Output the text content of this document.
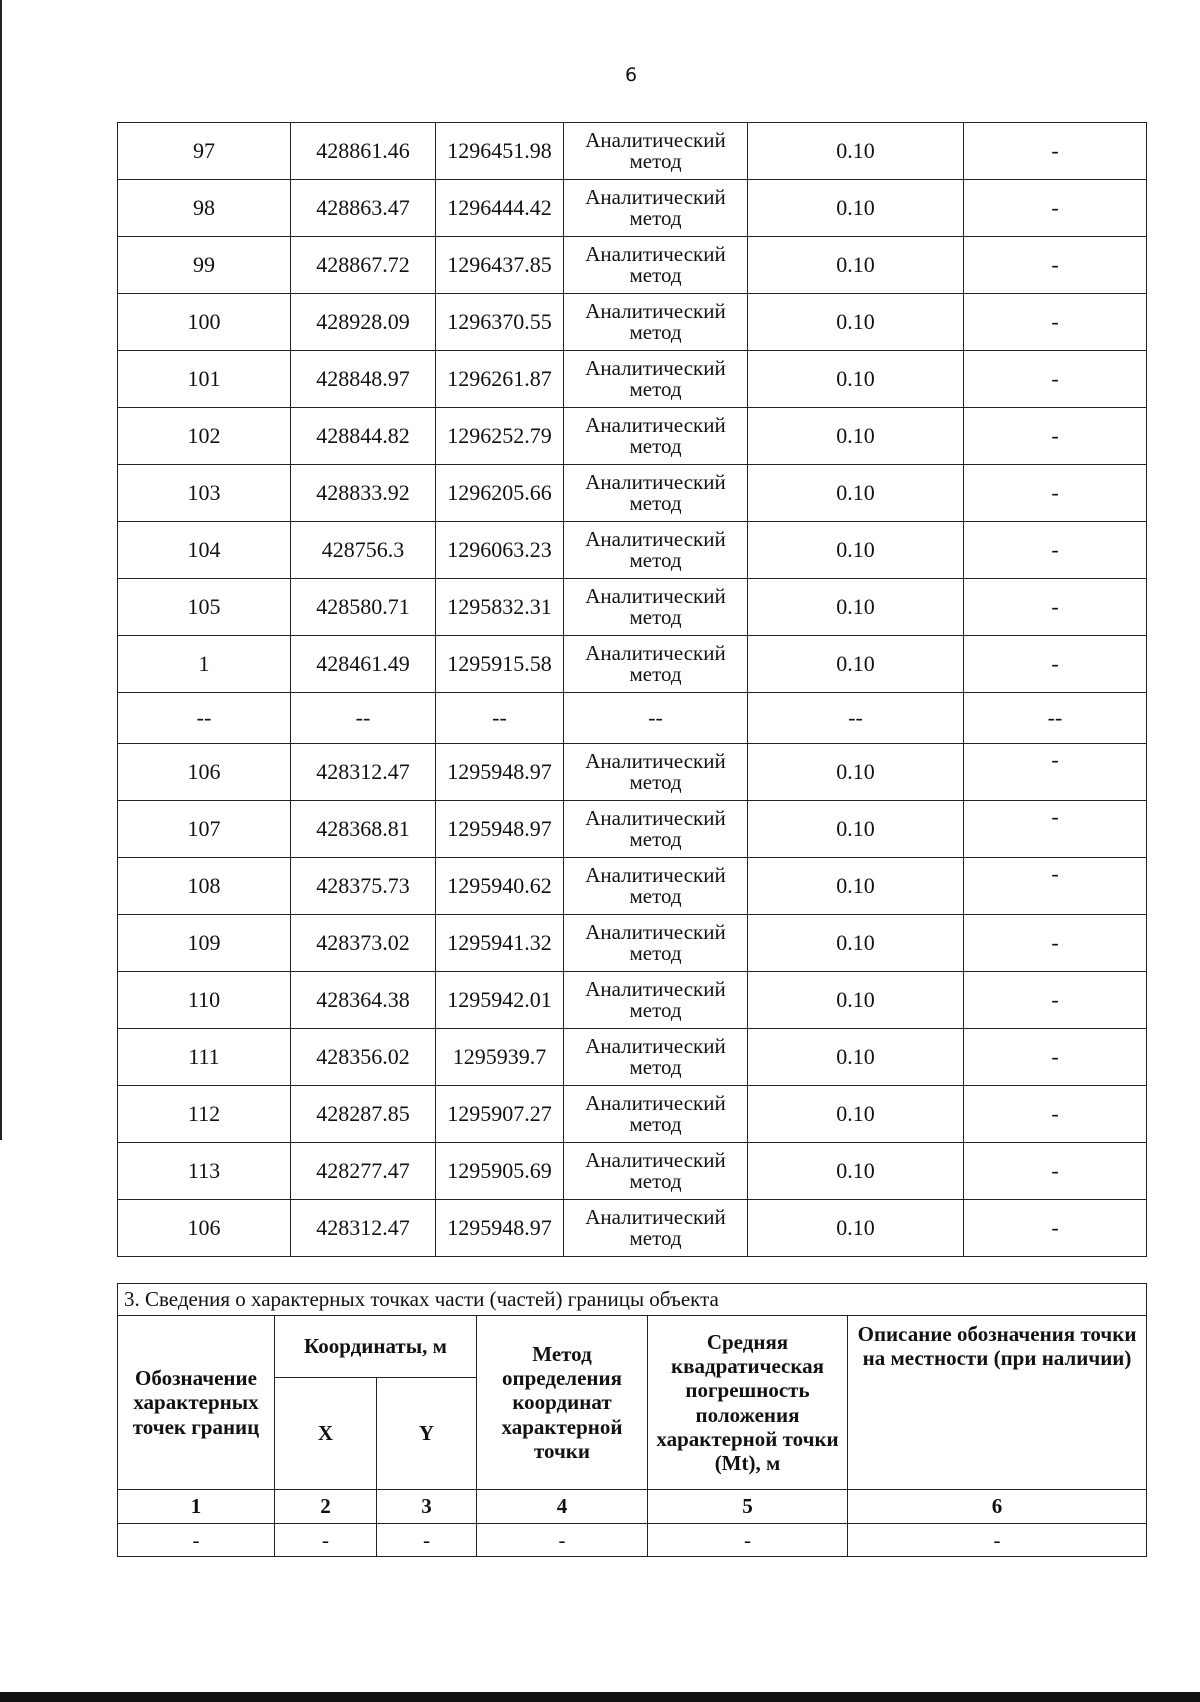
6
97	428861.46	1296451.98	Аналитический метод	0.10	-
98	428863.47	1296444.42	Аналитический метод	0.10	-
99	428867.72	1296437.85	Аналитический метод	0.10	-
100	428928.09	1296370.55	Аналитический метод	0.10	-
101	428848.97	1296261.87	Аналитический метод	0.10	-
102	428844.82	1296252.79	Аналитический метод	0.10	-
103	428833.92	1296205.66	Аналитический метод	0.10	-
104	428756.3	1296063.23	Аналитический метод	0.10	-
105	428580.71	1295832.31	Аналитический метод	0.10	-
1	428461.49	1295915.58	Аналитический метод	0.10	-
--	--	--	--	--	--
106	428312.47	1295948.97	Аналитический метод	0.10	-
107	428368.81	1295948.97	Аналитический метод	0.10	-
108	428375.73	1295940.62	Аналитический метод	0.10	-
109	428373.02	1295941.32	Аналитический метод	0.10	-
110	428364.38	1295942.01	Аналитический метод	0.10	-
111	428356.02	1295939.7	Аналитический метод	0.10	-
112	428287.85	1295907.27	Аналитический метод	0.10	-
113	428277.47	1295905.69	Аналитический метод	0.10	-
106	428312.47	1295948.97	Аналитический метод	0.10	-
3. Сведения о характерных точках части (частей) границы объекта					
Обозначение характерных точек границ	Координаты, м		Метод определения координат характерной точки	Средняя квадратическая погрешность положения характерной точки (Mt), м	Описание обозначения точки на местности (при наличии)
	X	Y			
1	2	3	4	5	6
-	-	-	-	-	-
